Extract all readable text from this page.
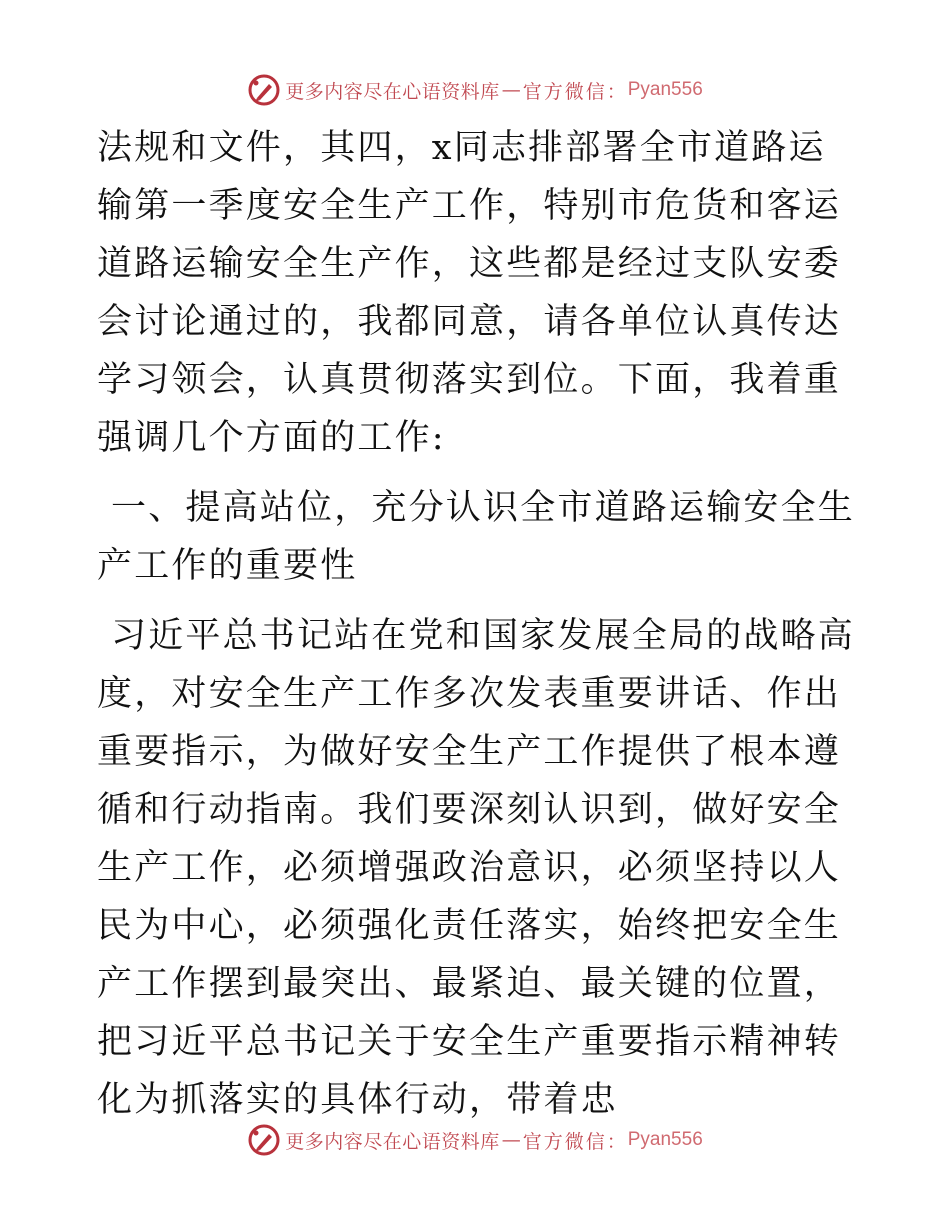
更多内容尽在心语资料库 — 官方微信： Pyan556

法规和文件，其四，x同志排部署全市道路运输第一季度安全生产工作，特别市危货和客运道路运输安全生产作，这些都是经过支队安委会讨论通过的，我都同意，请各单位认真传达学习领会，认真贯彻落实到位。下面，我着重强调几个方面的工作:

一、提高站位，充分认识全市道路运输安全生产工作的重要性

习近平总书记站在党和国家发展全局的战略高度，对安全生产工作多次发表重要讲话、作出重要指示，为做好安全生产工作提供了根本遵循和行动指南。我们要深刻认识到，做好安全生产工作，必须增强政治意识，必须坚持以人民为中心，必须强化责任落实，始终把安全生产工作摆到最突出、最紧迫、最关键的位置，把习近平总书记关于安全生产重要指示精神转化为抓落实的具体行动，带着忠

更多内容尽在心语资料库 — 官方微信： Pyan556
